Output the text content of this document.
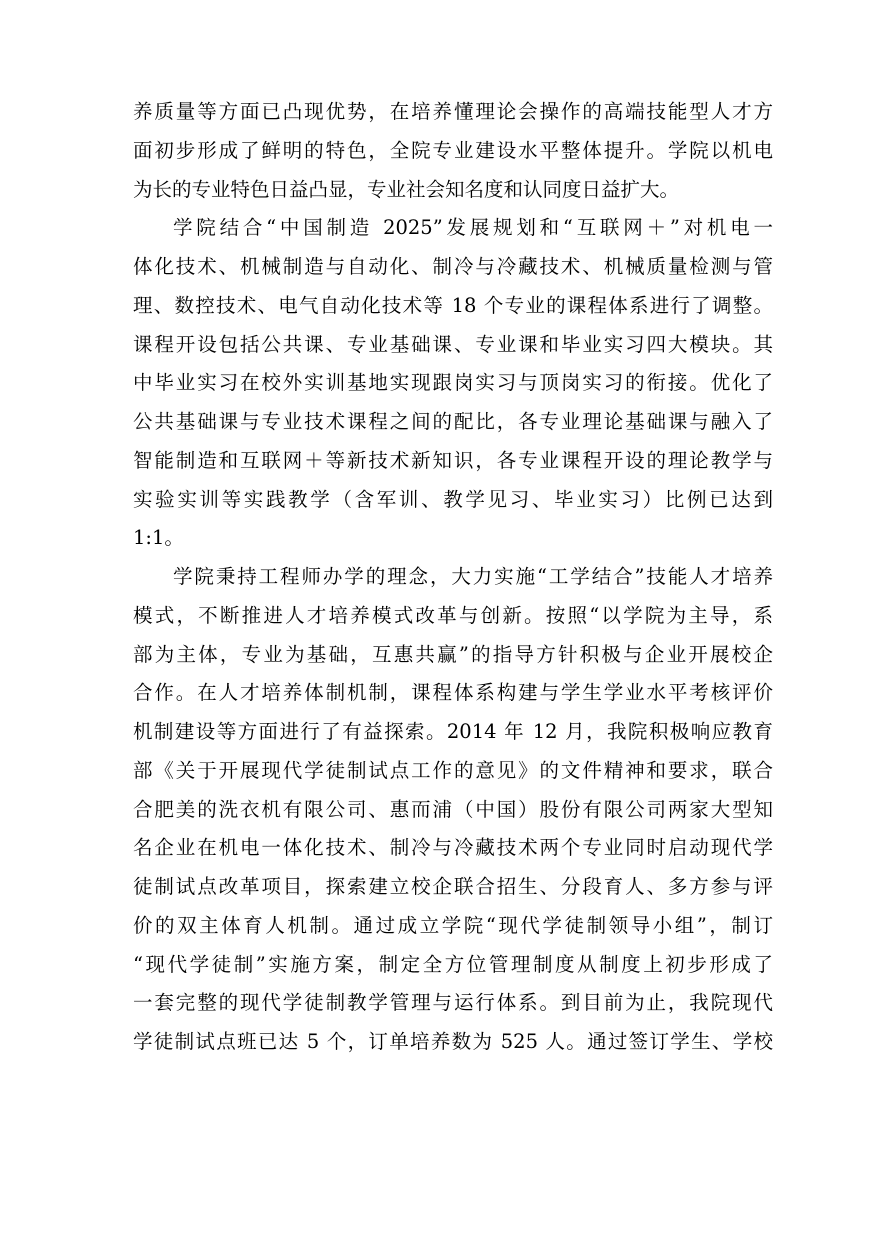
养质量等方面已凸现优势，在培养懂理论会操作的高端技能型人才方
面初步形成了鲜明的特色，全院专业建设水平整体提升。学院以机电
为长的专业特色日益凸显，专业社会知名度和认同度日益扩大。
学院结合“中国制造 2025”发展规划和“互联网＋”对机电一
体化技术、机械制造与自动化、制冷与冷藏技术、机械质量检测与管
理、数控技术、电气自动化技术等 18 个专业的课程体系进行了调整。
课程开设包括公共课、专业基础课、专业课和毕业实习四大模块。其
中毕业实习在校外实训基地实现跟岗实习与顶岗实习的衔接。优化了
公共基础课与专业技术课程之间的配比，各专业理论基础课与融入了
智能制造和互联网＋等新技术新知识，各专业课程开设的理论教学与
实验实训等实践教学（含军训、教学见习、毕业实习）比例已达到
1:1。
学院秉持工程师办学的理念，大力实施“工学结合”技能人才培养
模式，不断推进人才培养模式改革与创新。按照“以学院为主导，系
部为主体，专业为基础，互惠共赢”的指导方针积极与企业开展校企
合作。在人才培养体制机制，课程体系构建与学生学业水平考核评价
机制建设等方面进行了有益探索。2014 年 12 月，我院积极响应教育
部《关于开展现代学徒制试点工作的意见》的文件精神和要求，联合
合肥美的洗衣机有限公司、惠而浦（中国）股份有限公司两家大型知
名企业在机电一体化技术、制冷与冷藏技术两个专业同时启动现代学
徒制试点改革项目，探索建立校企联合招生、分段育人、多方参与评
价的双主体育人机制。通过成立学院“现代学徒制领导小组”，制订
“现代学徒制”实施方案，制定全方位管理制度从制度上初步形成了
一套完整的现代学徒制教学管理与运行体系。到目前为止，我院现代
学徒制试点班已达 5 个，订单培养数为 525 人。通过签订学生、学校
